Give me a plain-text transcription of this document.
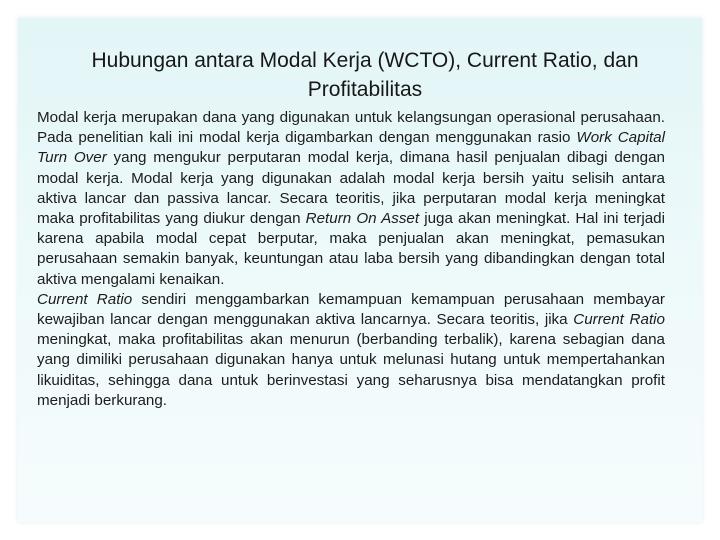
Hubungan antara Modal Kerja (WCTO), Current Ratio, dan
Profitabilitas

Modal kerja merupakan dana yang digunakan untuk kelangsungan operasional perusahaan. Pada penelitian kali ini modal kerja digambarkan dengan menggunakan rasio Work Capital Turn Over yang mengukur perputaran modal kerja, dimana hasil penjualan dibagi dengan modal kerja. Modal kerja yang digunakan adalah modal kerja bersih yaitu selisih antara aktiva lancar dan passiva lancar. Secara teoritis, jika perputaran modal kerja meningkat maka profitabilitas yang diukur dengan Return On Asset juga akan meningkat. Hal ini terjadi karena apabila modal cepat berputar, maka penjualan akan meningkat, pemasukan perusahaan semakin banyak, keuntungan atau laba bersih yang dibandingkan dengan total aktiva mengalami kenaikan.

Current Ratio sendiri menggambarkan kemampuan kemampuan perusahaan membayar kewajiban lancar dengan menggunakan aktiva lancarnya. Secara teoritis, jika Current Ratio meningkat, maka profitabilitas akan menurun (berbanding terbalik), karena sebagian dana yang dimiliki perusahaan digunakan hanya untuk melunasi hutang untuk mempertahankan likuiditas, sehingga dana untuk berinvestasi yang seharusnya bisa mendatangkan profit menjadi berkurang.
